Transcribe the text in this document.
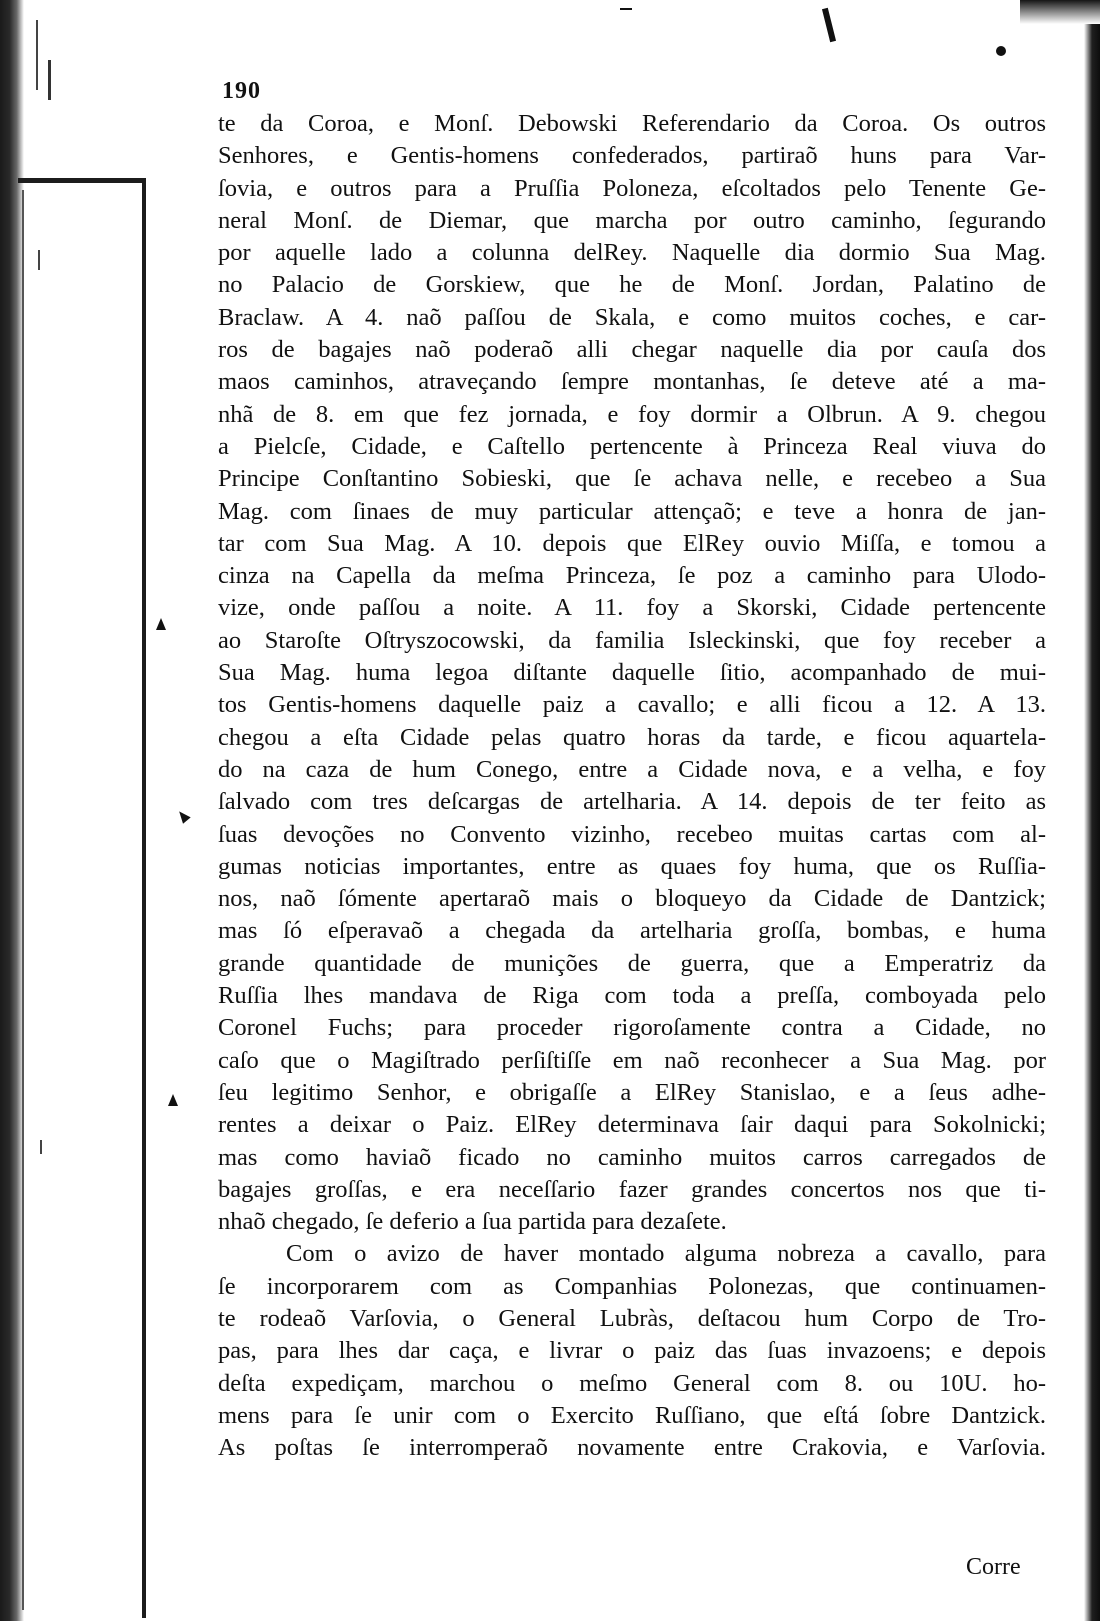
190
te da Coroa, e Monſ. Debowski Referendario da Coroa. Os outros
Senhores, e Gentis-homens confederados, partiraõ huns para Var-
ſovia, e outros para a Pruſſia Poloneza, eſcoltados pelo Tenente Ge-
neral Monſ. de Diemar, que marcha por outro caminho, ſegurando
por aquelle lado a colunna delRey. Naquelle dia dormio Sua Mag.
no Palacio de Gorskiew, que he de Monſ. Jordan, Palatino de
Braclaw. A 4. naõ paſſou de Skala, e como muitos coches, e car-
ros de bagajes naõ poderaõ alli chegar naquelle dia por cauſa dos
maos caminhos, atraveçando ſempre montanhas, ſe deteve até a ma-
nhã de 8. em que fez jornada, e foy dormir a Olbrun. A 9. chegou
a Pielcſe, Cidade, e Caſtello pertencente à Princeza Real viuva do
Principe Conſtantino Sobieski, que ſe achava nelle, e recebeo a Sua
Mag. com ſinaes de muy particular attençaõ; e teve a honra de jan-
tar com Sua Mag. A 10. depois que ElRey ouvio Miſſa, e tomou a
cinza na Capella da meſma Princeza, ſe poz a caminho para Ulodo-
vize, onde paſſou a noite. A 11. foy a Skorski, Cidade pertencente
ao Staroſte Oſtryszocowski, da familia Isleckinski, que foy receber a
Sua Mag. huma legoa diſtante daquelle ſitio, acompanhado de mui-
tos Gentis-homens daquelle paiz a cavallo; e alli ficou a 12. A 13.
chegou a eſta Cidade pelas quatro horas da tarde, e ficou aquartela-
do na caza de hum Conego, entre a Cidade nova, e a velha, e foy
ſalvado com tres deſcargas de artelharia. A 14. depois de ter feito as
ſuas devoções no Convento vizinho, recebeo muitas cartas com al-
gumas noticias importantes, entre as quaes foy huma, que os Ruſſia-
nos, naõ ſómente apertaraõ mais o bloqueyo da Cidade de Dantzick;
mas ſó eſperavaõ a chegada da artelharia groſſa, bombas, e huma
grande quantidade de munições de guerra, que a Emperatriz da
Ruſſia lhes mandava de Riga com toda a preſſa, comboyada pelo
Coronel Fuchs; para proceder rigoroſamente contra a Cidade, no
caſo que o Magiſtrado perſiſtiſſe em naõ reconhecer a Sua Mag. por
ſeu legitimo Senhor, e obrigaſſe a ElRey Stanislao, e a ſeus adhe-
rentes a deixar o Paiz. ElRey determinava ſair daqui para Sokolnicki;
mas como haviaõ ficado no caminho muitos carros carregados de
bagajes groſſas, e era neceſſario fazer grandes concertos nos que ti-
nhaõ chegado, ſe deferio a ſua partida para dezaſete.
Com o avizo de haver montado alguma nobreza a cavallo, para
ſe incorporarem com as Companhias Polonezas, que continuamen-
te rodeaõ Varſovia, o General Lubràs, deſtacou hum Corpo de Tro-
pas, para lhes dar caça, e livrar o paiz das ſuas invazoens; e depois
deſta expediçam, marchou o meſmo General com 8. ou 10U. ho-
mens para ſe unir com o Exercito Ruſſiano, que eſtá ſobre Dantzick.
As poſtas ſe interromperaõ novamente entre Crakovia, e Varſovia.
Corre
